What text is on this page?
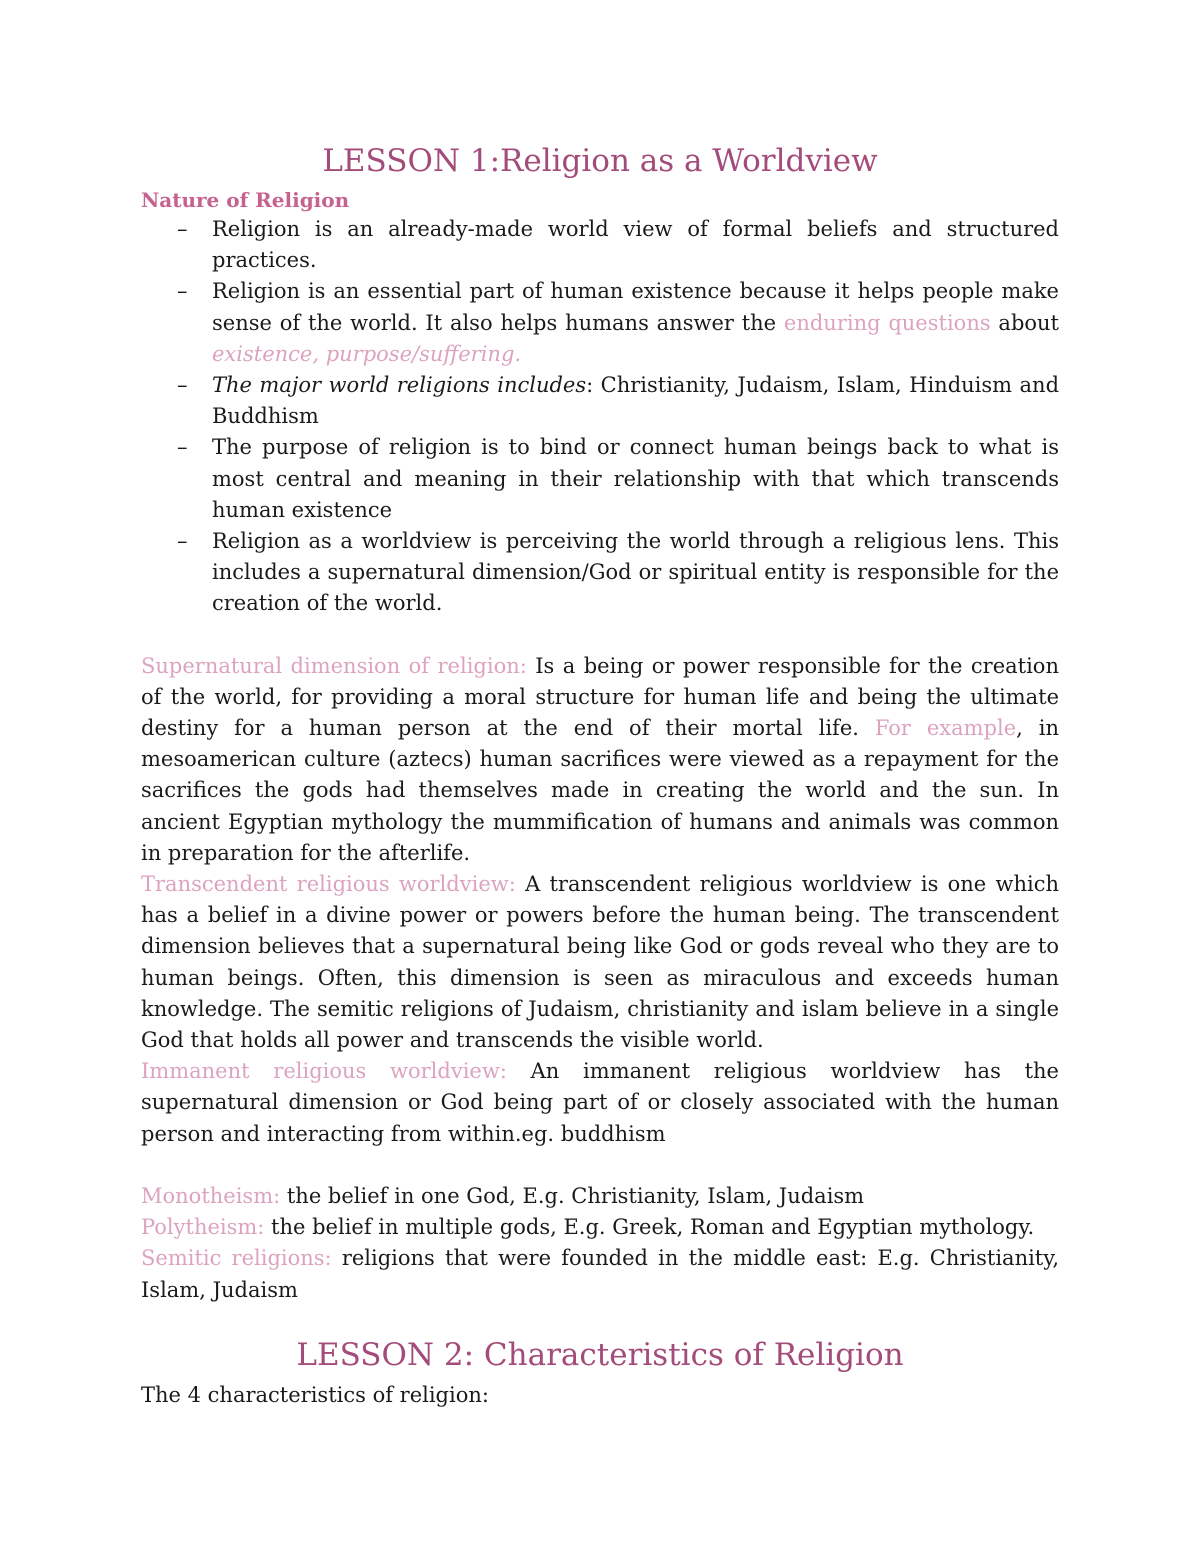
LESSON 1:Religion as a Worldview
Nature of Religion
– Religion is an already-made world view of formal beliefs and structured practices.
– Religion is an essential part of human existence because it helps people make sense of the world. It also helps humans answer the enduring questions about existence, purpose/suffering.
– The major world religions includes: Christianity, Judaism, Islam, Hinduism and Buddhism
– The purpose of religion is to bind or connect human beings back to what is most central and meaning in their relationship with that which transcends human existence
– Religion as a worldview is perceiving the world through a religious lens. This includes a supernatural dimension/God or spiritual entity is responsible for the creation of the world.

Supernatural dimension of religion: Is a being or power responsible for the creation of the world, for providing a moral structure for human life and being the ultimate destiny for a human person at the end of their mortal life. For example, in mesoamerican culture (aztecs) human sacrifices were viewed as a repayment for the sacrifices the gods had themselves made in creating the world and the sun. In ancient Egyptian mythology the mummification of humans and animals was common in preparation for the afterlife.

Transcendent religious worldview: A transcendent religious worldview is one which has a belief in a divine power or powers before the human being. The transcendent dimension believes that a supernatural being like God or gods reveal who they are to human beings. Often, this dimension is seen as miraculous and exceeds human knowledge. The semitic religions of Judaism, christianity and islam believe in a single God that holds all power and transcends the visible world.

Immanent religious worldview: An immanent religious worldview has the supernatural dimension or God being part of or closely associated with the human person and interacting from within.eg. buddhism

Monotheism: the belief in one God, E.g. Christianity, Islam, Judaism

Polytheism: the belief in multiple gods, E.g. Greek, Roman and Egyptian mythology.

Semitic religions: religions that were founded in the middle east: E.g. Christianity, Islam, Judaism

LESSON 2: Characteristics of Religion

The 4 characteristics of religion:
